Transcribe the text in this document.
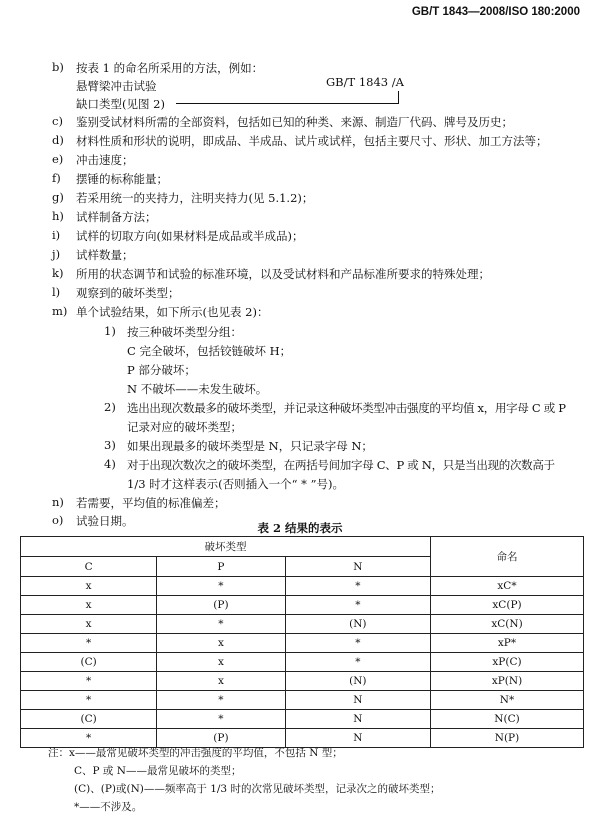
GB/T 1843—2008/ISO 180:2000
b) 按表 1 的命名所采用的方法，例如：
悬臂梁冲击试验	GB/T 1843 /A
缺口类型(见图 2)
c) 鉴别受试材料所需的全部资料，包括如已知的种类、来源、制造厂代码、牌号及历史；
d) 材料性质和形状的说明，即成品、半成品、试片或试样，包括主要尺寸、形状、加工方法等；
e) 冲击速度；
f) 摆锤的标称能量；
g) 若采用统一的夹持力，注明夹持力(见 5.1.2)；
h) 试样制备方法；
i) 试样的切取方向(如果材料是成品或半成品)；
j) 试样数量；
k) 所用的状态调节和试验的标准环境，以及受试材料和产品标准所要求的特殊处理；
l) 观察到的破坏类型；
m) 单个试验结果，如下所示(也见表 2)：
1) 按三种破坏类型分组：
C 完全破坏，包括铰链破坏 H；
P 部分破坏；
N 不破坏——未发生破坏。
2) 选出出现次数最多的破坏类型，并记录这种破坏类型冲击强度的平均值 x，用字母 C 或 P
记录对应的破坏类型；
3) 如果出现最多的破坏类型是 N，只记录字母 N；
4) 对于出现次数次之的破坏类型，在两括号间加字母 C、P 或 N，只是当出现的次数高于
1/3 时才这样表示(否则插入一个“ * ”号)。
n) 若需要，平均值的标准偏差；
o) 试验日期。	表 2 结果的表示
破坏类型			命名
C	P	N	
x	*	*	xC*
x	(P)	*	xC(P)
x	*	(N)	xC(N)
*	x	*	xP*
(C)	x	*	xP(C)
*	x	(N)	xP(N)
*	*	N	N*
(C)	*	N	N(C)
*	(P)	N	N(P)
注：x——最常见破坏类型的冲击强度的平均值，不包括 N 型；
C、P 或 N——最常见破坏的类型；
(C)、(P)或(N)——频率高于 1/3 时的次常见破坏类型，记录次之的破坏类型；
*——不涉及。
